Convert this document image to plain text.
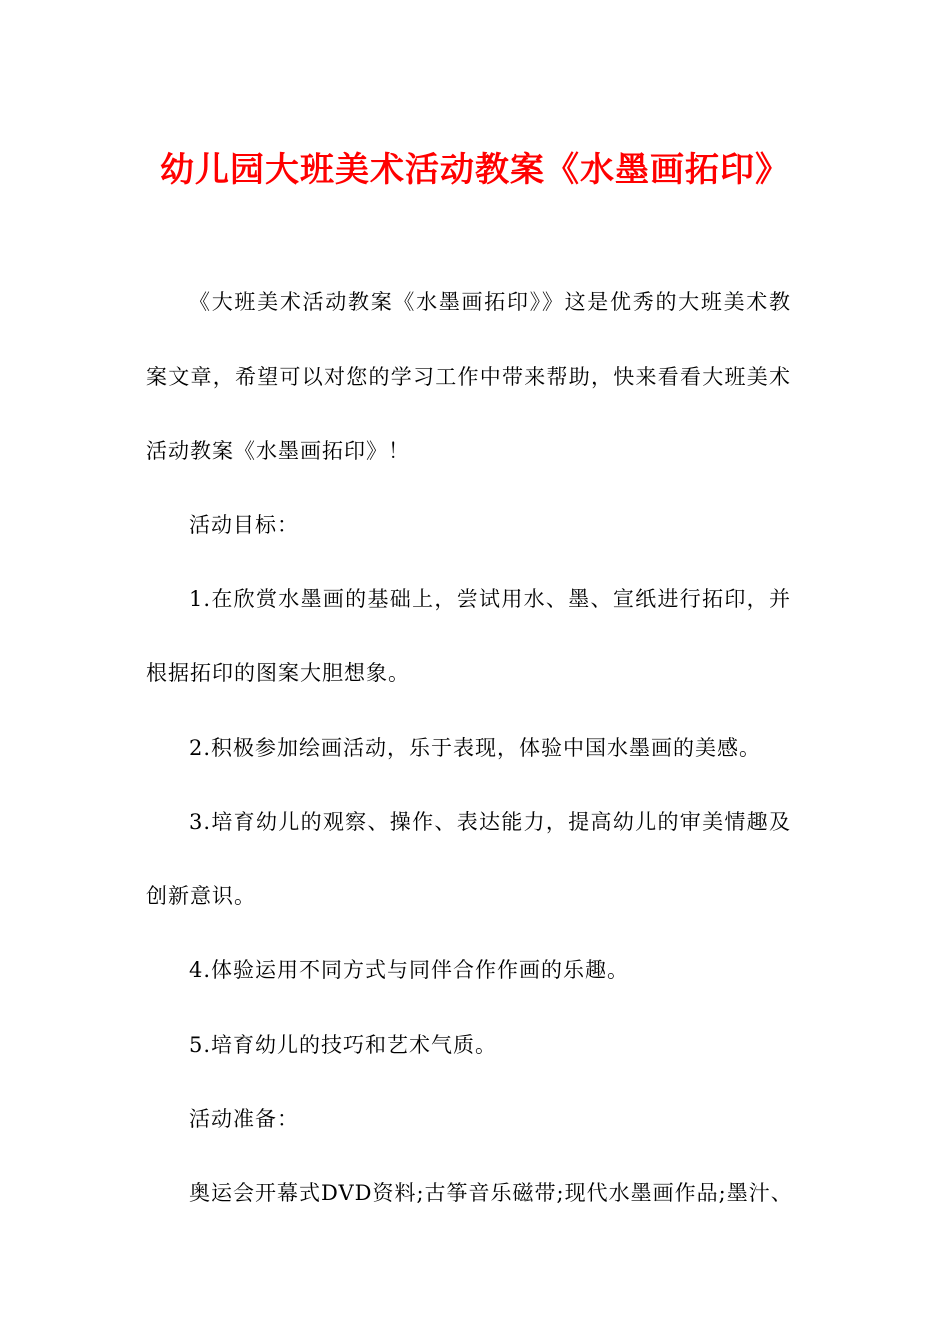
幼儿园大班美术活动教案《水墨画拓印》
《大班美术活动教案《水墨画拓印》》这是优秀的大班美术教
案文章，希望可以对您的学习工作中带来帮助，快来看看大班美术
活动教案《水墨画拓印》！
活动目标：
1.在欣赏水墨画的基础上，尝试用水、墨、宣纸进行拓印，并
根据拓印的图案大胆想象。
2.积极参加绘画活动，乐于表现，体验中国水墨画的美感。
3.培育幼儿的观察、操作、表达能力，提高幼儿的审美情趣及
创新意识。
4.体验运用不同方式与同伴合作作画的乐趣。
5.培育幼儿的技巧和艺术气质。
活动准备：
奥运会开幕式DVD资料;古筝音乐磁带;现代水墨画作品;墨汁、
